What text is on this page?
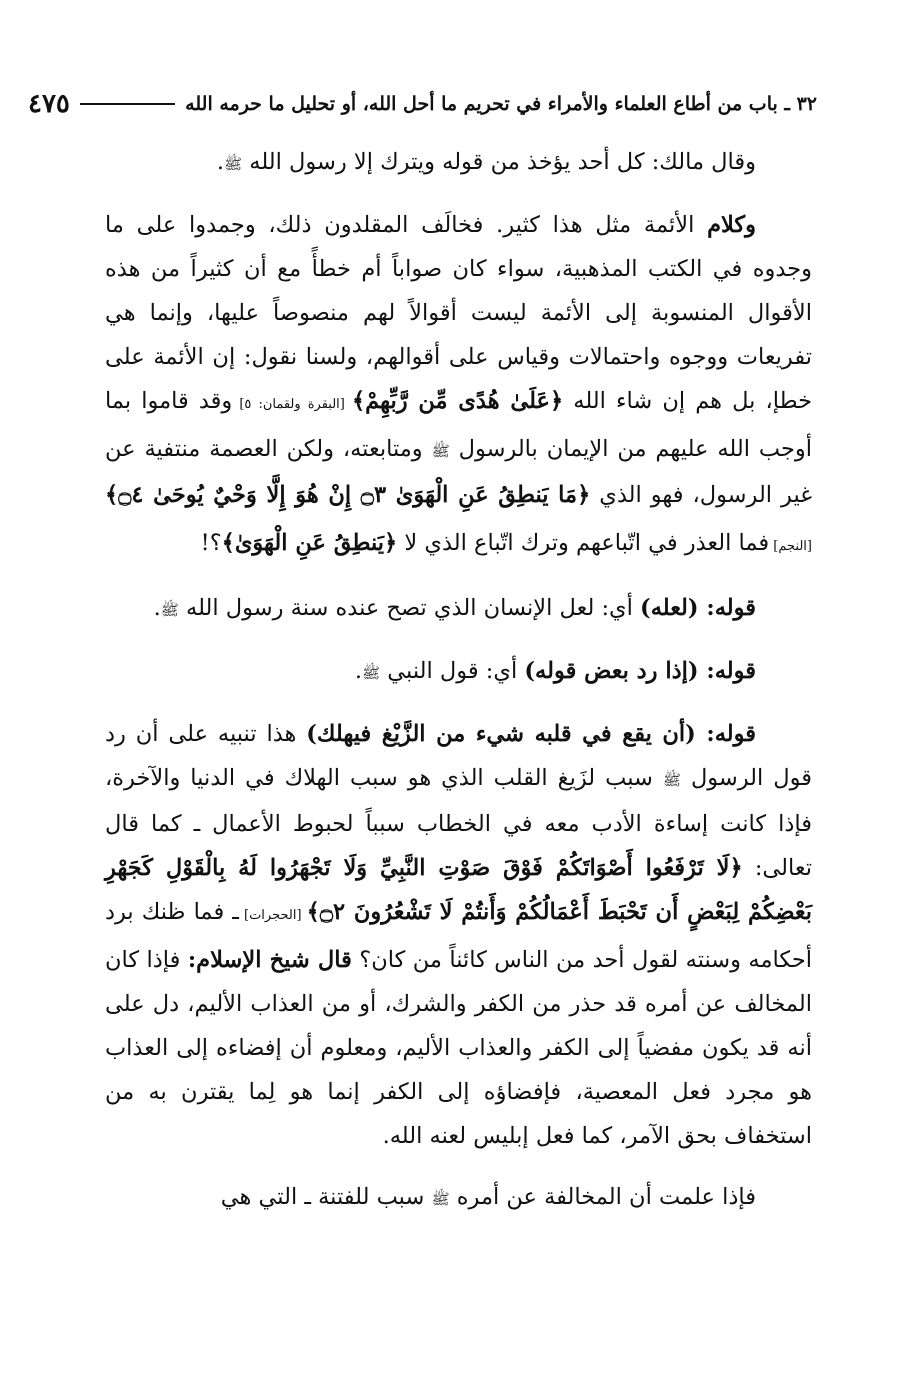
٣٢ ـ باب من أطاع العلماء والأمراء في تحريم ما أحل الله، أو تحليل ما حرمه الله
٤٧٥

وقال مالك: كل أحد يؤخذ من قوله ويترك إلا رسول الله ﷺ.

وكلام الأئمة مثل هذا كثير. فخالَف المقلدون ذلك، وجمدوا على ما وجدوه في الكتب المذهبية، سواء كان صواباً أم خطأً مع أن كثيراً من هذه الأقوال المنسوبة إلى الأئمة ليست أقوالاً لهم منصوصاً عليها، وإنما هي تفريعات ووجوه واحتمالات وقياس على أقوالهم، ولسنا نقول: إن الأئمة على خطإ، بل هم إن شاء الله ﴿عَلَىٰ هُدًى مِّن رَّبِّهِمْ﴾ [البقرة ولقمان: ٥] وقد قاموا بما أوجب الله عليهم من الإيمان بالرسول ﷺ ومتابعته، ولكن العصمة منتفية عن غير الرسول، فهو الذي ﴿مَا يَنطِقُ عَنِ الْهَوَىٰ ۝٣ إِنْ هُوَ إِلَّا وَحْيٌ يُوحَىٰ ۝٤﴾ [النجم] فما العذر في اتّباعهم وترك اتّباع الذي لا ﴿يَنطِقُ عَنِ الْهَوَىٰ﴾؟!

قوله: (لعله) أي: لعل الإنسان الذي تصح عنده سنة رسول الله ﷺ.

قوله: (إذا رد بعض قوله) أي: قول النبي ﷺ.

قوله: (أن يقع في قلبه شيء من الزَّيْغ فيهلك) هذا تنبيه على أن رد قول الرسول ﷺ سبب لزَيغ القلب الذي هو سبب الهلاك في الدنيا والآخرة، فإذا كانت إساءة الأدب معه في الخطاب سبباً لحبوط الأعمال ـ كما قال تعالى: ﴿لَا تَرْفَعُوا أَصْوَاتَكُمْ فَوْقَ صَوْتِ النَّبِيِّ وَلَا تَجْهَرُوا لَهُ بِالْقَوْلِ كَجَهْرِ بَعْضِكُمْ لِبَعْضٍ أَن تَحْبَطَ أَعْمَالُكُمْ وَأَنتُمْ لَا تَشْعُرُونَ ۝٢﴾ [الحجرات] ـ فما ظنك برد أحكامه وسنته لقول أحد من الناس كائناً من كان؟ قال شيخ الإسلام: فإذا كان المخالف عن أمره قد حذر من الكفر والشرك، أو من العذاب الأليم، دل على أنه قد يكون مفضياً إلى الكفر والعذاب الأليم، ومعلوم أن إفضاءه إلى العذاب هو مجرد فعل المعصية، فإفضاؤه إلى الكفر إنما هو لِما يقترن به من استخفاف بحق الآمر، كما فعل إبليس لعنه الله.

فإذا علمت أن المخالفة عن أمره ﷺ سبب للفتنة ـ التي هي
